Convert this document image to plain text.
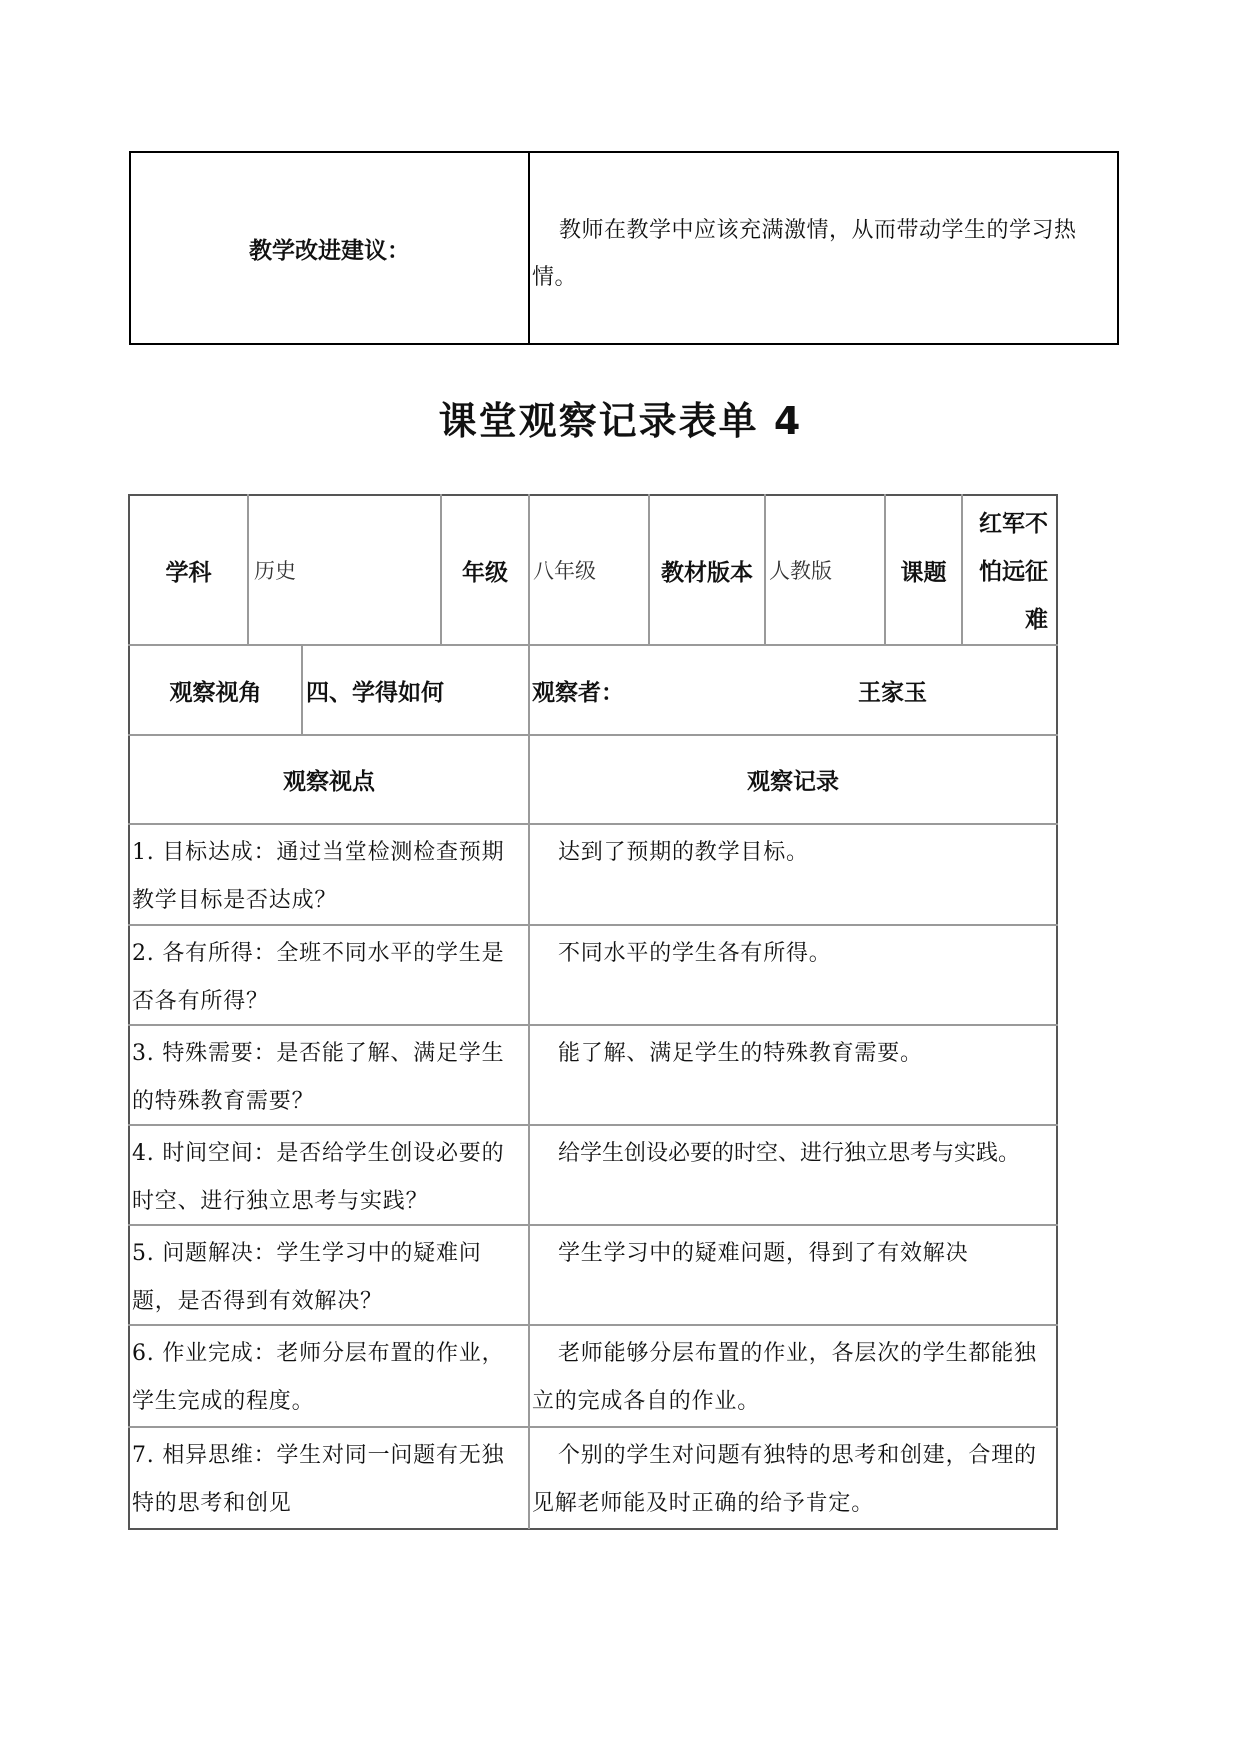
教学改进建议：
教师在教学中应该充满激情，从而带动学生的学习热情。
课堂观察记录表单 4
学科	历史	年级	八年级	教材版本 人教版	课题
红军不怕远征难
观察视角	四、学得如何	观察者：	王家玉
观察视点	观察记录
1. 目标达成：通过当堂检测检查预期教学目标是否达成？
达到了预期的教学目标。
2. 各有所得：全班不同水平的学生是否各有所得？
不同水平的学生各有所得。
3. 特殊需要：是否能了解、满足学生的特殊教育需要？
能了解、满足学生的特殊教育需要。
4. 时间空间：是否给学生创设必要的时空、进行独立思考与实践？
给学生创设必要的时空、进行独立思考与实践。
5. 问题解决：学生学习中的疑难问题，是否得到有效解决？
学生学习中的疑难问题，得到了有效解决
6. 作业完成：老师分层布置的作业，学生完成的程度。
老师能够分层布置的作业，各层次的学生都能独立的完成各自的作业。
7. 相异思维：学生对同一问题有无独特的思考和创见
个别的学生对问题有独特的思考和创建，合理的见解老师能及时正确的给予肯定。
